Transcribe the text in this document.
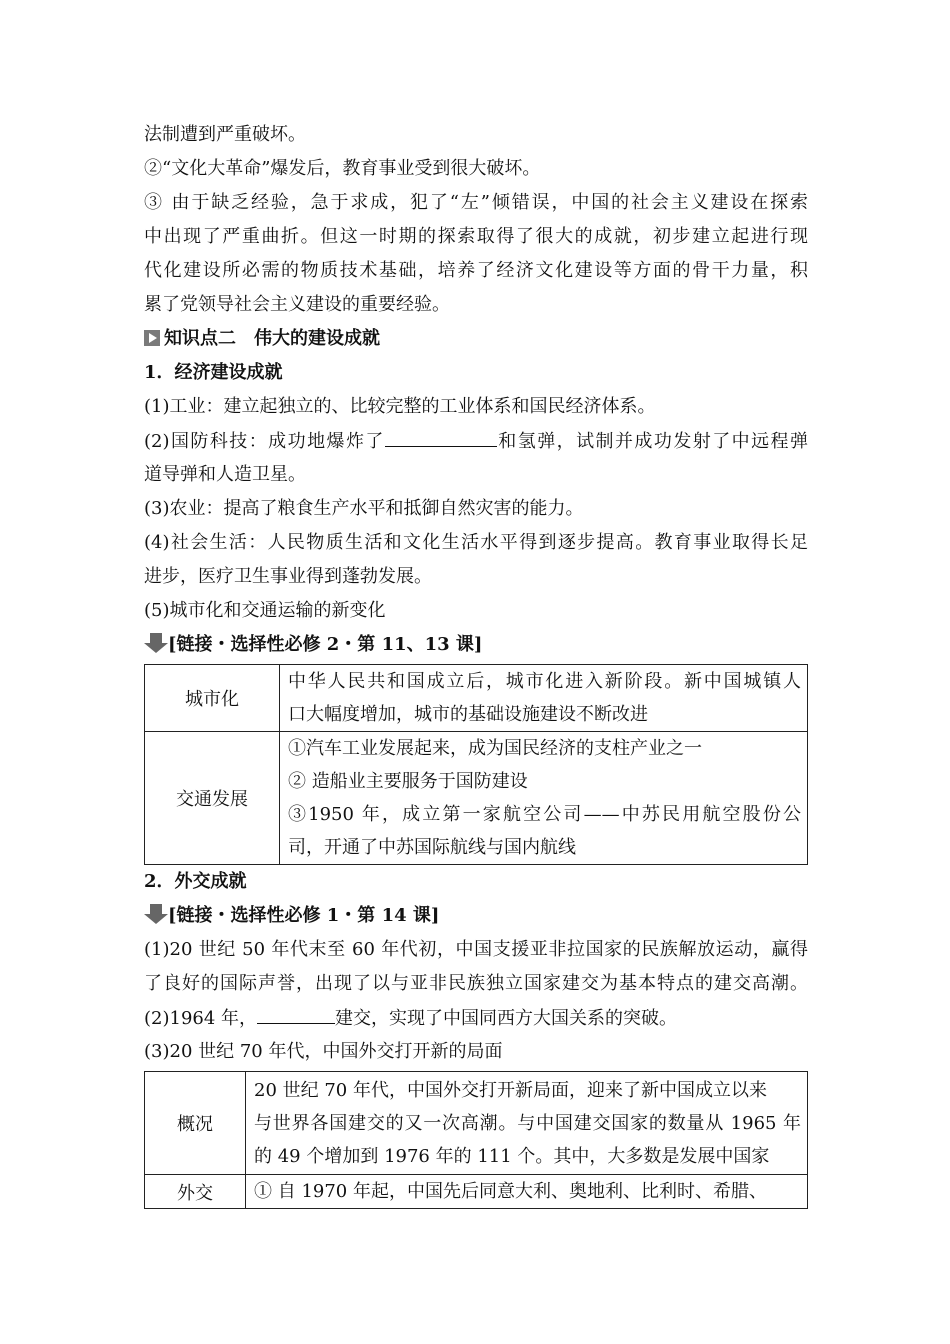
法制遭到严重破坏。
②“文化大革命”爆发后，教育事业受到很大破坏。
③ 由于缺乏经验，急于求成，犯了“左”倾错误，中国的社会主义建设在探索
中出现了严重曲折。但这一时期的探索取得了很大的成就，初步建立起进行现
代化建设所必需的物质技术基础，培养了经济文化建设等方面的骨干力量，积
累了党领导社会主义建设的重要经验。
知识点二　伟大的建设成就
1．经济建设成就
(1)工业：建立起独立的、比较完整的工业体系和国民经济体系。
(2)国防科技：成功地爆炸了	和氢弹，试制并成功发射了中远程弹
道导弹和人造卫星。
(3)农业：提高了粮食生产水平和抵御自然灾害的能力。
(4)社会生活：人民物质生活和文化生活水平得到逐步提高。教育事业取得长足
进步，医疗卫生事业得到蓬勃发展。
(5)城市化和交通运输的新变化
[链接・选择性必修 2・第 11、13 课]
城市化	中华人民共和国成立后，城市化进入新阶段。新中国城镇人
口大幅度增加，城市的基础设施建设不断改进

交通发展	①汽车工业发展起来，成为国民经济的支柱产业之一
② 造船业主要服务于国防建设
③1950 年，成立第一家航空公司——中苏民用航空股份公
司，开通了中苏国际航线与国内航线
2．外交成就
[链接・选择性必修 1・第 14 课]
(1)20 世纪 50 年代末至 60 年代初，中国支援亚非拉国家的民族解放运动，赢得
了良好的国际声誉，出现了以与亚非民族独立国家建交为基本特点的建交高潮。
(2)1964 年，	建交，实现了中国同西方大国关系的突破。
(3)20 世纪 70 年代，中国外交打开新的局面
概况	20 世纪 70 年代，中国外交打开新局面，迎来了新中国成立以来
与世界各国建交的又一次高潮。与中国建交国家的数量从 1965 年
的 49 个增加到 1976 年的 111 个。其中，大多数是发展中国家

外交	① 自 1970 年起，中国先后同意大利、奥地利、比利时、希腊、
